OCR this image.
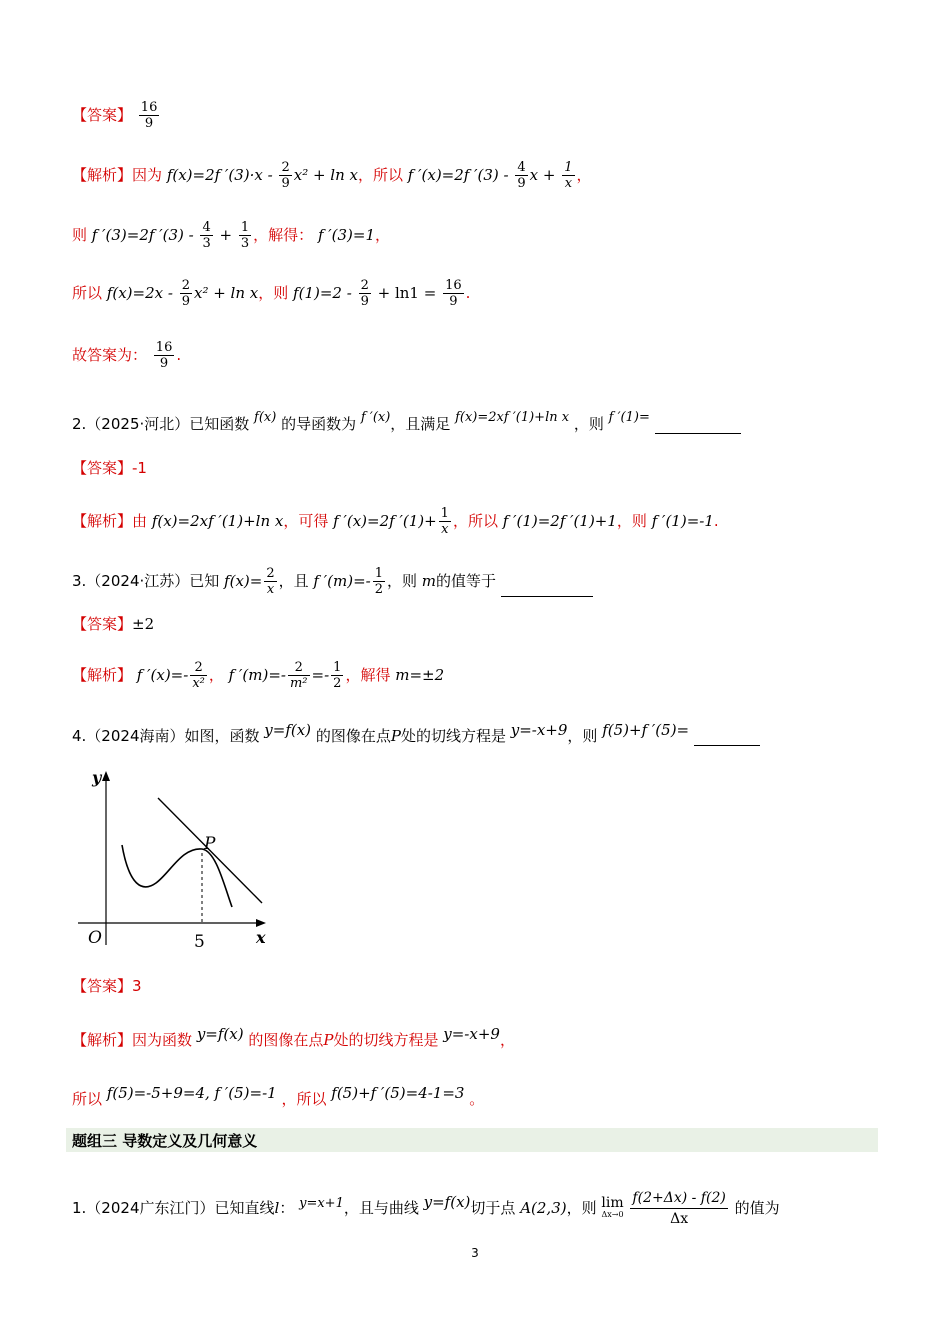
【答案】 $\frac{16}{9}$
【解析】因为 f(x)=2f $'(3)\cdot x - \frac{2}{9} x^2 + \ln x$，所以 f ′(x)=2f $'(3) - \frac{4}{9}$ $x + \frac{1}{x}$ ，
则 f ′(3)=2f $'(3) - \frac{4}{3} + \frac{1}{3}$ ，解得： f ′(3)=1，
所以 $f(x)=2x - \frac{2}{9} x^2 + \ln x$，则 $f(1)=2 - \frac{2}{9} + \ln 1 = \frac{16}{9}$ .
故答案为： $\frac{16}{9}$ .
2.（2025·河北）已知函数 f(x) 的导函数为 f ′(x)，且满足 f(x)=2xf ′(1)+ln x ，则 f ′(1)=
【答案】-1
【解析】由 f(x)=2xf ′(1)+ln x，可得 f ′(x)=2f $'(1)+ \frac{1}{x}$ ，所以 f ′(1)=2f ′(1)+1，则 f ′(1)=-1.
3.（2024·江苏）已知 $f(x)= \frac{2}{x}$ ，且 f $'(m)=- \frac{1}{2}$ ，则 m的值等于
【答案】±2
【解析】 f $'(x)=- \frac{2}{\text{x²}}$ ， f $'(m)=- \frac{2}{\text{m²}} =- \frac{1}{2}$ ，解得 m=±2
4.（2024海南）如图，函数 y=f(x) 的图像在点P处的切线方程是 y=-x+9，则 f(5)+f ′(5)=
y
x
O	5
P
【答案】3
【解析】因为函数 y=f(x) 的图像在点P处的切线方程是 y=-x+9，
所以 f(5)=-5+9=4, f ′(5)=-1 ，所以 f(5)+f ′(5)=4-1=3 。
题组三 导数定义及几何意义
1.（2024广东江门）已知直线l： y=x+1，且与曲线 y=f(x)切于点 A(2,3)，则 lim
Δx→0
$\frac{f(2+\Delta x) - f(2)}{\Delta x}$ 的值为
3
